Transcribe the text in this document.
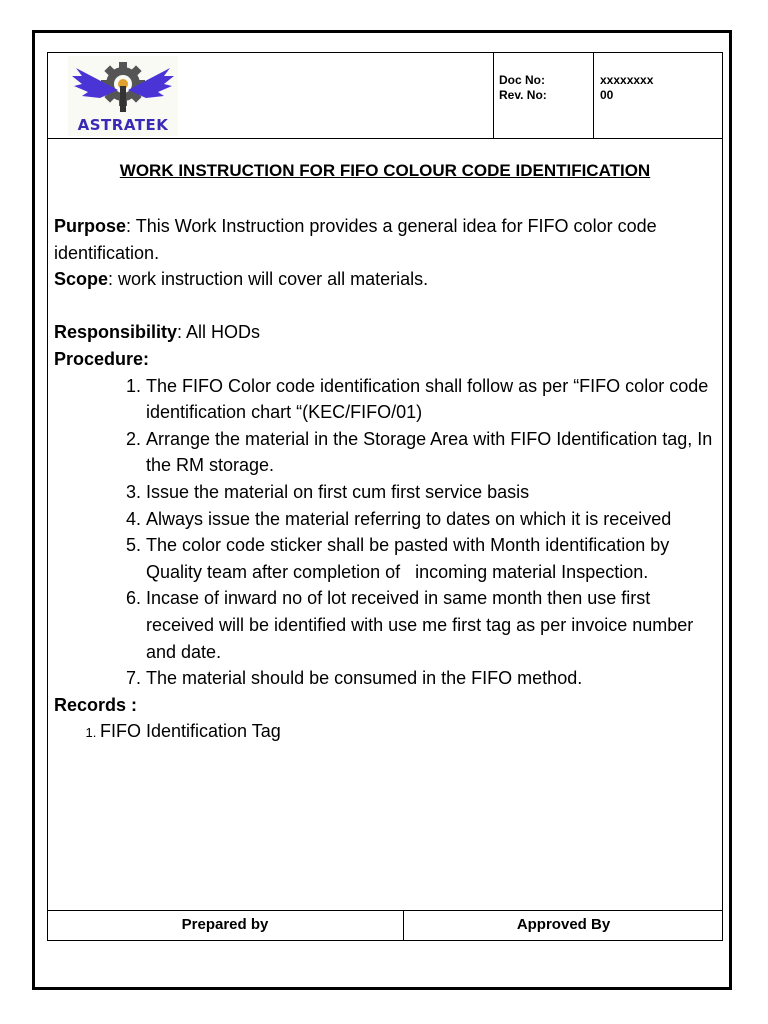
ASTRATEK
Doc No:
Rev. No:
xxxxxxxx
00
WORK INSTRUCTION FOR FIFO COLOUR CODE IDENTIFICATION

Purpose: This Work Instruction provides a general idea for FIFO color code identification.

Scope: work instruction will cover all materials.

Responsibility: All HODs

Procedure:

1. The FIFO Color code identification shall follow as per “FIFO color code identification chart “(KEC/FIFO/01)
2. Arrange the material in the Storage Area with FIFO Identification tag, In the RM storage.
3. Issue the material on first cum first service basis
4. Always issue the material referring to dates on which it is received
5. The color code sticker shall be pasted with Month identification by Quality team after completion of   incoming material Inspection.
6. Incase of inward no of lot received in same month then use first received will be identified with use me first tag as per invoice number and date.
7. The material should be consumed in the FIFO method.

Records :

1. FIFO Identification Tag
Prepared by	Approved By
